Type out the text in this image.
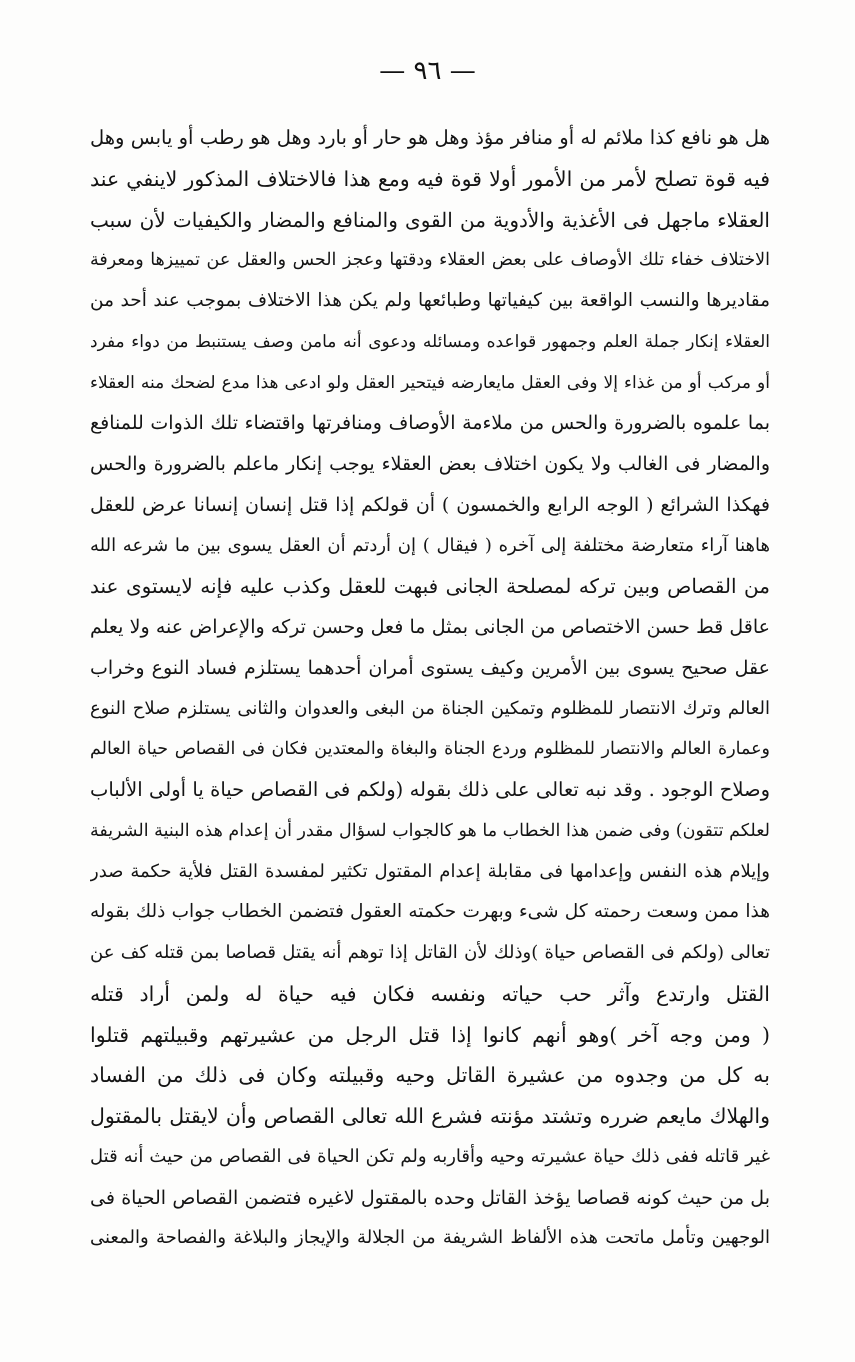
— ٩٦ —
هل هو نافع كذا ملائم له أو منافر مؤذ وهل هو حار أو بارد وهل هو رطب أو يابس وهل
فيه قوة تصلح لأمر من الأمور أولا قوة فيه ومع هذا فالاختلاف المذكور لاينفي عند
العقلاء ماجهل فى الأغذية والأدوية من القوى والمنافع والمضار والكيفيات لأن سبب
الاختلاف خفاء تلك الأوصاف على بعض العقلاء ودقتها وعجز الحس والعقل عن تمييزها ومعرفة
مقاديرها والنسب الواقعة بين كيفياتها وطبائعها ولم يكن هذا الاختلاف بموجب عند أحد من
العقلاء إنكار جملة العلم وجمهور قواعده ومسائله ودعوى أنه مامن وصف يستنبط من دواء مفرد
أو مركب أو من غذاء إلا وفى العقل مايعارضه فيتحير العقل ولو ادعى هذا مدع لضحك منه العقلاء
بما علموه بالضرورة والحس من ملاءمة الأوصاف ومنافرتها واقتضاء تلك الذوات للمنافع
والمضار فى الغالب ولا يكون اختلاف بعض العقلاء يوجب إنكار ماعلم بالضرورة والحس
فهكذا الشرائع ( الوجه الرابع والخمسون ) أن قولكم إذا قتل إنسان إنسانا عرض للعقل
هاهنا آراء متعارضة مختلفة إلى آخره ( فيقال ) إن أردتم أن العقل يسوى بين ما شرعه الله
من القصاص وبين تركه لمصلحة الجانى فبهت للعقل وكذب عليه فإنه لايستوى عند
عاقل قط حسن الاختصاص من الجانى بمثل ما فعل وحسن تركه والإعراض عنه ولا يعلم
عقل صحيح يسوى بين الأمرين وكيف يستوى أمران أحدهما يستلزم فساد النوع وخراب
العالم وترك الانتصار للمظلوم وتمكين الجناة من البغى والعدوان والثانى يستلزم صلاح النوع
وعمارة العالم والانتصار للمظلوم وردع الجناة والبغاة والمعتدين فكان فى القصاص حياة العالم
وصلاح الوجود . وقد نبه تعالى على ذلك بقوله (ولكم فى القصاص حياة يا أولى الألباب
لعلكم تتقون) وفى ضمن هذا الخطاب ما هو كالجواب لسؤال مقدر أن إعدام هذه البنية الشريفة
وإيلام هذه النفس وإعدامها فى مقابلة إعدام المقتول تكثير لمفسدة القتل فلأية حكمة صدر
هذا ممن وسعت رحمته كل شىء وبهرت حكمته العقول فتضمن الخطاب جواب ذلك بقوله
تعالى (ولكم فى القصاص حياة )وذلك لأن القاتل إذا توهم أنه يقتل قصاصا بمن قتله كف عن
القتل وارتدع وآثر حب حياته ونفسه فكان فيه حياة له ولمن أراد قتله
( ومن وجه آخر )وهو أنهم كانوا إذا قتل الرجل من عشيرتهم وقبيلتهم قتلوا
به كل من وجدوه من عشيرة القاتل وحيه وقبيلته وكان فى ذلك من الفساد
والهلاك مايعم ضرره وتشتد مؤنته فشرع الله تعالى القصاص وأن لايقتل بالمقتول
غير قاتله ففى ذلك حياة عشيرته وحيه وأقاربه ولم تكن الحياة فى القصاص من حيث أنه قتل
بل من حيث كونه قصاصا يؤخذ القاتل وحده بالمقتول لاغيره فتضمن القصاص الحياة فى
الوجهين وتأمل ماتحت هذه الألفاظ الشريفة من الجلالة والإيجاز والبلاغة والفصاحة والمعنى
